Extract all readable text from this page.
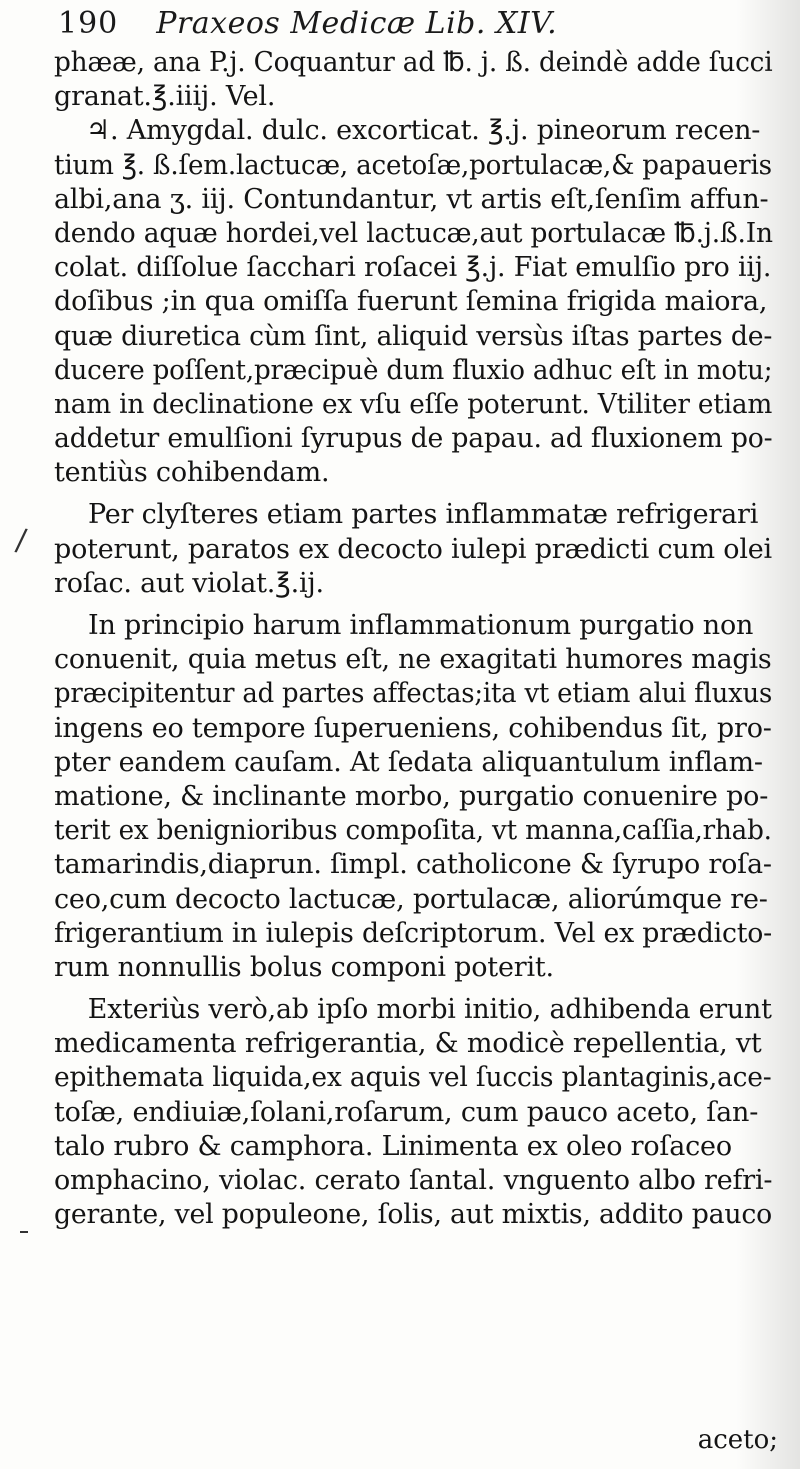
190 Praxeos Medicæ Lib. XIV.
phææ, ana P.j. Coquantur ad ℔. j. ß. deindè adde ſucci
granat.℥.iiij. Vel.
♃. Amygdal. dulc. excorticat. ℥.j. pineorum recen-
tium ℥. ß.ſem.lactucæ, acetoſæ,portulacæ,& papaueris
albi,ana ʒ. iij. Contundantur, vt artis eſt,ſenſim affun-
dendo aquæ hordei,vel lactucæ,aut portulacæ ℔.j.ß.In
colat. diſſolue ſacchari roſacei ℥.j. Fiat emulſio pro iij.
doſibus ;in qua omiſſa fuerunt ſemina frigida maiora,
quæ diuretica cùm ſint, aliquid versùs iſtas partes de-
ducere poſſent,præcipuè dum fluxio adhuc eſt in motu;
nam in declinatione ex vſu eſſe poterunt. Vtiliter etiam
addetur emulſioni ſyrupus de papau. ad fluxionem po-
tentiùs cohibendam.
Per clyſteres etiam partes inflammatæ refrigerari
poterunt, paratos ex decocto iulepi prædicti cum olei
roſac. aut violat.℥.ij.
In principio harum inflammationum purgatio non
conuenit, quia metus eſt, ne exagitati humores magis
præcipitentur ad partes affectas;ita vt etiam alui fluxus
ingens eo tempore ſuperueniens, cohibendus ſit, pro-
pter eandem cauſam. At ſedata aliquantulum inflam-
matione, & inclinante morbo, purgatio conuenire po-
terit ex benignioribus compoſita, vt manna,caſſia,rhab.
tamarindis,diaprun. ſimpl. catholicone & ſyrupo roſa-
ceo,cum decocto lactucæ, portulacæ, aliorúmque re-
frigerantium in iulepis deſcriptorum. Vel ex prædicto-
rum nonnullis bolus componi poterit.
Exteriùs verò,ab ipſo morbi initio, adhibenda erunt
medicamenta refrigerantia, & modicè repellentia, vt
epithemata liquida,ex aquis vel ſuccis plantaginis,ace-
toſæ, endiuiæ,ſolani,roſarum, cum pauco aceto, ſan-
talo rubro & camphora. Linimenta ex oleo roſaceo
omphacino, violac. cerato ſantal. vnguento albo refri-
gerante, vel populeone, ſolis, aut mixtis, addito pauco
/
aceto;
